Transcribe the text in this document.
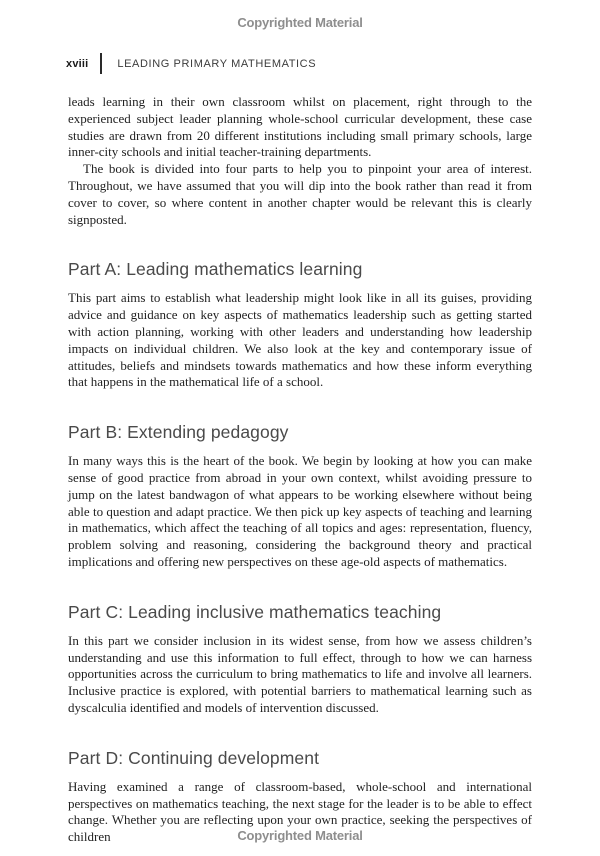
Copyrighted Material
xviii	LEADING PRIMARY MATHEMATICS

leads learning in their own classroom whilst on placement, right through to the experienced subject leader planning whole-school curricular development, these case studies are drawn from 20 different institutions including small primary schools, large inner-city schools and initial teacher-training departments.

The book is divided into four parts to help you to pinpoint your area of interest. Throughout, we have assumed that you will dip into the book rather than read it from cover to cover, so where content in another chapter would be relevant this is clearly signposted.

Part A: Leading mathematics learning

This part aims to establish what leadership might look like in all its guises, providing advice and guidance on key aspects of mathematics leadership such as getting started with action planning, working with other leaders and understanding how leadership impacts on individual children. We also look at the key and contemporary issue of attitudes, beliefs and mindsets towards mathematics and how these inform everything that happens in the mathematical life of a school.

Part B: Extending pedagogy

In many ways this is the heart of the book. We begin by looking at how you can make sense of good practice from abroad in your own context, whilst avoiding pressure to jump on the latest bandwagon of what appears to be working elsewhere without being able to question and adapt practice. We then pick up key aspects of teaching and learning in mathematics, which affect the teaching of all topics and ages: representation, fluency, problem solving and reasoning, considering the background theory and practical implications and offering new perspectives on these age-old aspects of mathematics.

Part C: Leading inclusive mathematics teaching

In this part we consider inclusion in its widest sense, from how we assess children’s understanding and use this information to full effect, through to how we can harness opportunities across the curriculum to bring mathematics to life and involve all learners. Inclusive practice is explored, with potential barriers to mathematical learning such as dyscalculia identified and models of intervention discussed.

Part D: Continuing development

Having examined a range of classroom-based, whole-school and international perspectives on mathematics teaching, the next stage for the leader is to be able to effect change. Whether you are reflecting upon your own practice, seeking the perspectives of children	Copyrighted Material
